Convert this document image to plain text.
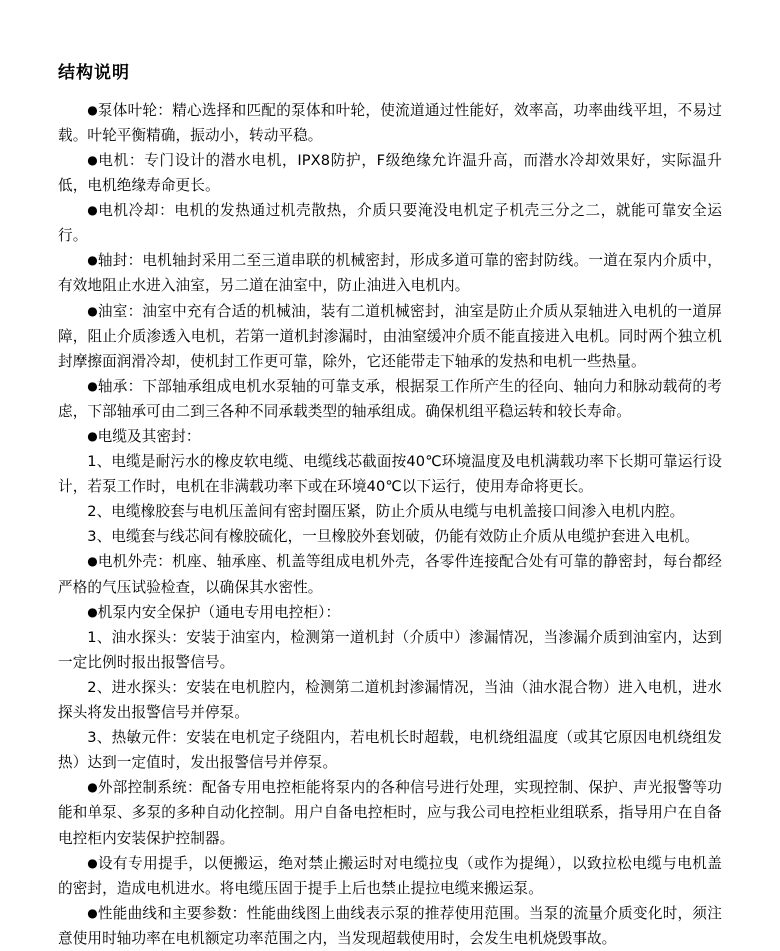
结构说明

●泵体叶轮：精心选择和匹配的泵体和叶轮，使流道通过性能好，效率高，功率曲线平坦，不易过载。叶轮平衡精确，振动小，转动平稳。

●电机：专门设计的潜水电机，IPX8防护，F级绝缘允许温升高，而潜水冷却效果好，实际温升低，电机绝缘寿命更长。

●电机冷却：电机的发热通过机壳散热，介质只要淹没电机定子机壳三分之二，就能可靠安全运行。

●轴封：电机轴封采用二至三道串联的机械密封，形成多道可靠的密封防线。一道在泵内介质中，有效地阻止水进入油室，另二道在油室中，防止油进入电机内。

●油室：油室中充有合适的机械油，装有二道机械密封，油室是防止介质从泵轴进入电机的一道屏障，阻止介质渗透入电机，若第一道机封渗漏时，由油窒缓冲介质不能直接进入电机。同时两个独立机封摩擦面润滑冷却，使机封工作更可靠，除外，它还能带走下轴承的发热和电机一些热量。

●轴承：下部轴承组成电机水泵轴的可靠支承，根据泵工作所产生的径向、轴向力和脉动载荷的考虑，下部轴承可由二到三各种不同承载类型的轴承组成。确保机组平稳运转和较长寿命。

●电缆及其密封：

1、电缆是耐污水的橡皮软电缆、电缆线芯截面按40℃环境温度及电机满载功率下长期可靠运行设计，若泵工作时，电机在非满载功率下或在环境40℃以下运行，使用寿命将更长。

2、电缆橡胶套与电机压盖间有密封圈压紧，防止介质从电缆与电机盖接口间渗入电机内腔。

3、电缆套与线芯间有橡胶硫化，一旦橡胶外套划破，仍能有效防止介质从电缆护套进入电机。

●电机外壳：机座、轴承座、机盖等组成电机外壳，各零件连接配合处有可靠的静密封，每台都经严格的气压试验检查，以确保其水密性。

●机泵内安全保护（通电专用电控柜）：

1、油水探头：安装于油室内，检测第一道机封（介质中）渗漏情况，当渗漏介质到油室内，达到一定比例时报出报警信号。

2、进水探头：安装在电机腔内，检测第二道机封渗漏情况，当油（油水混合物）进入电机，进水探头将发出报警信号并停泵。

3、热敏元件：安装在电机定子绕阻内，若电机长时超载，电机绕组温度（或其它原因电机绕组发热）达到一定值时，发出报警信号并停泵。

●外部控制系统：配备专用电控柜能将泵内的各种信号进行处理，实现控制、保护、声光报警等功能和单泵、多泵的多种自动化控制。用户自备电控柜时，应与我公司电控柜业组联系，指导用户在自备电控柜内安装保护控制器。

●设有专用提手，以便搬运，绝对禁止搬运时对电缆拉曳（或作为提绳），以致拉松电缆与电机盖的密封，造成电机进水。将电缆压固于提手上后也禁止提拉电缆来搬运泵。

●性能曲线和主要参数：性能曲线图上曲线表示泵的推荐使用范围。当泵的流量介质变化时，须注意使用时轴功率在电机额定功率范围之内，当发现超载使用时，会发生电机烧毁事故。
